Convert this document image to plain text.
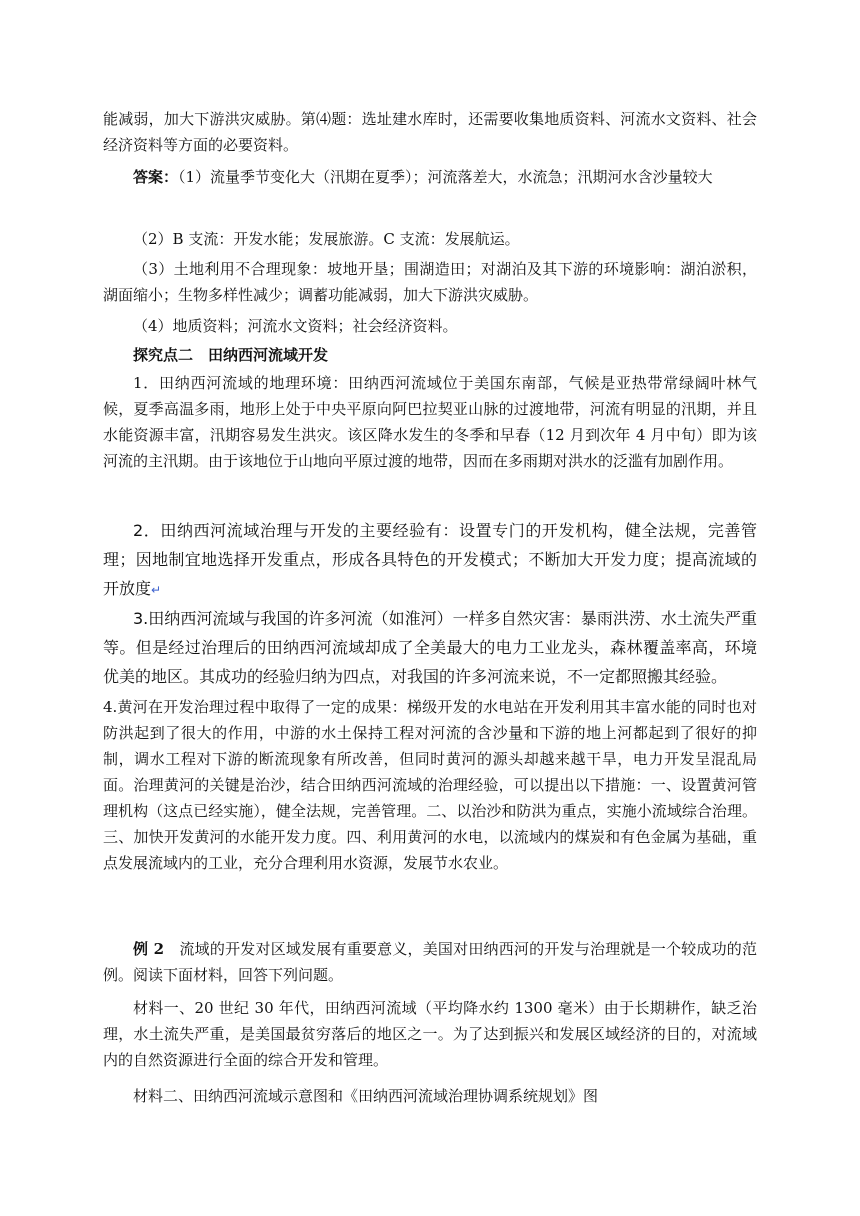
能减弱，加大下游洪灾威胁。第⑷题：选址建水库时，还需要收集地质资料、河流水文资料、社会经济资料等方面的必要资料。
答案：（1）流量季节变化大（汛期在夏季）；河流落差大，水流急；汛期河水含沙量较大
（2）B 支流：开发水能；发展旅游。C 支流：发展航运。
（3）土地利用不合理现象：坡地开垦；围湖造田；对湖泊及其下游的环境影响：湖泊淤积，湖面缩小；生物多样性减少；调蓄功能减弱，加大下游洪灾威胁。
（4）地质资料；河流水文资料；社会经济资料。
探究点二　田纳西河流域开发
1．田纳西河流域的地理环境：田纳西河流域位于美国东南部，气候是亚热带常绿阔叶林气候，夏季高温多雨，地形上处于中央平原向阿巴拉契亚山脉的过渡地带，河流有明显的汛期，并且水能资源丰富，汛期容易发生洪灾。该区降水发生的冬季和早春（12 月到次年 4 月中旬）即为该河流的主汛期。由于该地位于山地向平原过渡的地带，因而在多雨期对洪水的泛滥有加剧作用。
2．田纳西河流域治理与开发的主要经验有：设置专门的开发机构，健全法规，完善管理；因地制宜地选择开发重点，形成各具特色的开发模式；不断加大开发力度；提高流域的开放度↵
3.田纳西河流域与我国的许多河流（如淮河）一样多自然灾害：暴雨洪涝、水土流失严重等。但是经过治理后的田纳西河流域却成了全美最大的电力工业龙头，森林覆盖率高，环境优美的地区。其成功的经验归纳为四点，对我国的许多河流来说，不一定都照搬其经验。
4.黄河在开发治理过程中取得了一定的成果：梯级开发的水电站在开发利用其丰富水能的同时也对防洪起到了很大的作用，中游的水土保持工程对河流的含沙量和下游的地上河都起到了很好的抑制，调水工程对下游的断流现象有所改善，但同时黄河的源头却越来越干旱，电力开发呈混乱局面。治理黄河的关键是治沙，结合田纳西河流域的治理经验，可以提出以下措施：一、设置黄河管理机构（这点已经实施），健全法规，完善管理。二、以治沙和防洪为重点，实施小流域综合治理。三、加快开发黄河的水能开发力度。四、利用黄河的水电，以流域内的煤炭和有色金属为基础，重点发展流域内的工业，充分合理利用水资源，发展节水农业。
例 2　流域的开发对区域发展有重要意义，美国对田纳西河的开发与治理就是一个较成功的范例。阅读下面材料，回答下列问题。
材料一、20 世纪 30 年代，田纳西河流域（平均降水约 1300 毫米）由于长期耕作，缺乏治理，水土流失严重，是美国最贫穷落后的地区之一。为了达到振兴和发展区域经济的目的，对流域内的自然资源进行全面的综合开发和管理。
材料二、田纳西河流域示意图和《田纳西河流域治理协调系统规划》图
